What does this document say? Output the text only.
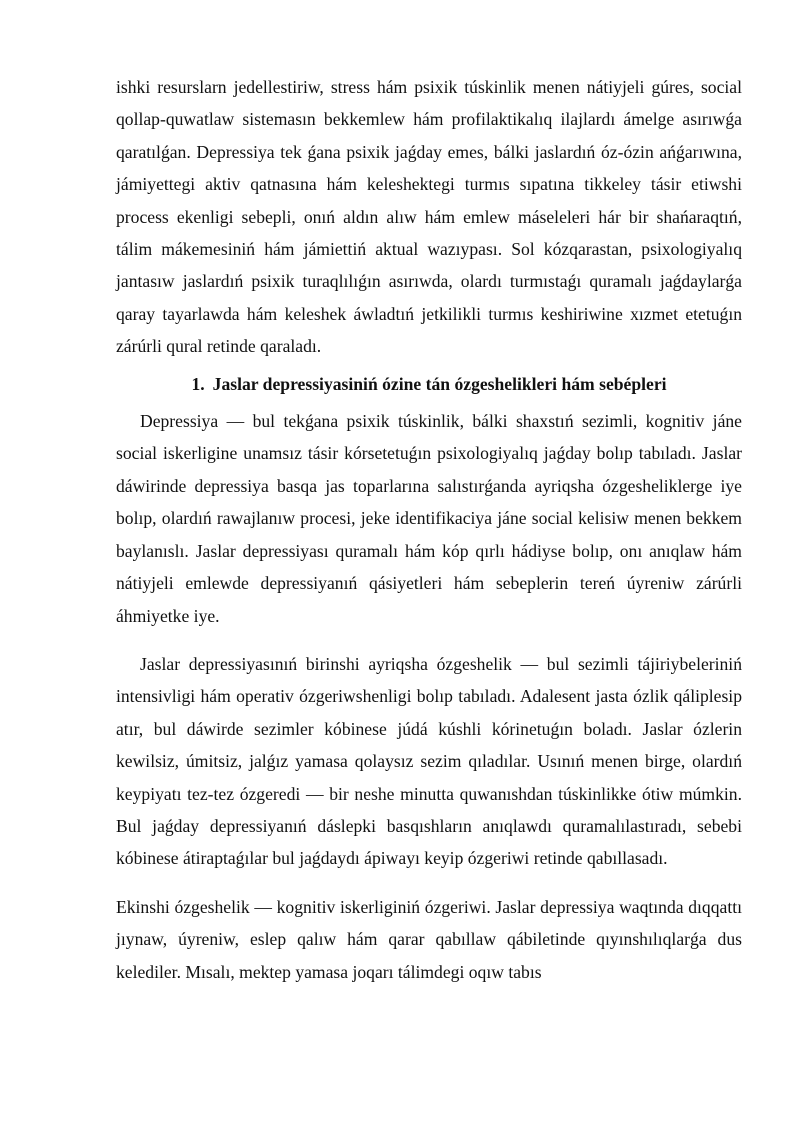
ishki resurslarn jedellestiriw, stress hám psixik túskinlik menen nátiyjeli gúres, social qollap-quwatlaw sistemasın bekkemlew hám profilaktikalıq ilajlardı ámelge asırıwǵa qaratılǵan. Depressiya tek ǵana psixik jaǵday emes, bálki jaslardıń óz-ózin ańǵarıwına, jámiyettegi aktiv qatnasına hám keleshektegi turmıs sıpatına tikkeley tásir etiwshi process ekenligi sebepli, onıń aldın alıw hám emlew máseleleri hár bir shańaraqtıń, tálim mákemesiniń hám jámiettiń aktual wazıypası. Sol kózqarastan, psixologiyalıq jantasıw jaslardıń psixik turaqlılıǵın asırıwda, olardı turmıstaǵı quramalı jaǵdaylarǵa qaray tayarlawda hám keleshek áwladtıń jetkilikli turmıs keshiriwine xızmet etetuǵın zárúrli qural retinde qaraladı.

1. Jaslar depressiyasiniń ózine tán ózgeshelikleri hám sebépleri

Depressiya — bul tekǵana psixik túskinlik, bálki shaxstıń sezimli, kognitiv jáne social iskerligine unamsız tásir kórsetetuǵın psixologiyalıq jaǵday bolıp tabıladı. Jaslar dáwirinde depressiya basqa jas toparlarına salıstırǵanda ayriqsha ózgesheliklerge iye bolıp, olardıń rawajlanıw procesi, jeke identifikaciya jáne social kelisiw menen bekkem baylanıslı. Jaslar depressiyası quramalı hám kóp qırlı hádiyse bolıp, onı anıqlaw hám nátiyjeli emlewde depressiyanıń qásiyetleri hám sebeplerin tereń úyreniw zárúrli áhmiyetke iye.

Jaslar depressiyasınıń birinshi ayriqsha ózgeshelik — bul sezimli tájiriybeleriniń intensivligi hám operativ ózgeriwshenligi bolıp tabıladı. Adalesent jasta ózlik qáliplesip atır, bul dáwirde sezimler kóbinese júdá kúshli kórinetuǵın boladı. Jaslar ózlerin kewilsiz, úmitsiz, jalǵız yamasa qolaysız sezim qıladılar. Usınıń menen birge, olardıń keypiyatı tez-tez ózgeredi — bir neshe minutta quwanıshdan túskinlikke ótiw múmkin. Bul jaǵday depressiyanıń dáslepki basqıshların anıqlawdı quramalılastıradı, sebebi kóbinese átiraptaǵılar bul jaǵdaydı ápiwayı keyip ózgeriwi retinde qabıllasadı.

Ekinshi ózgeshelik — kognitiv iskerliginiń ózgeriwi. Jaslar depressiya waqtında dıqqattı jıynaw, úyreniw, eslep qalıw hám qarar qabıllaw qábiletinde qıyınshılıqlarǵa dus kelediler. Mısalı, mektep yamasa joqarı tálimdegi oqıw tabıs
